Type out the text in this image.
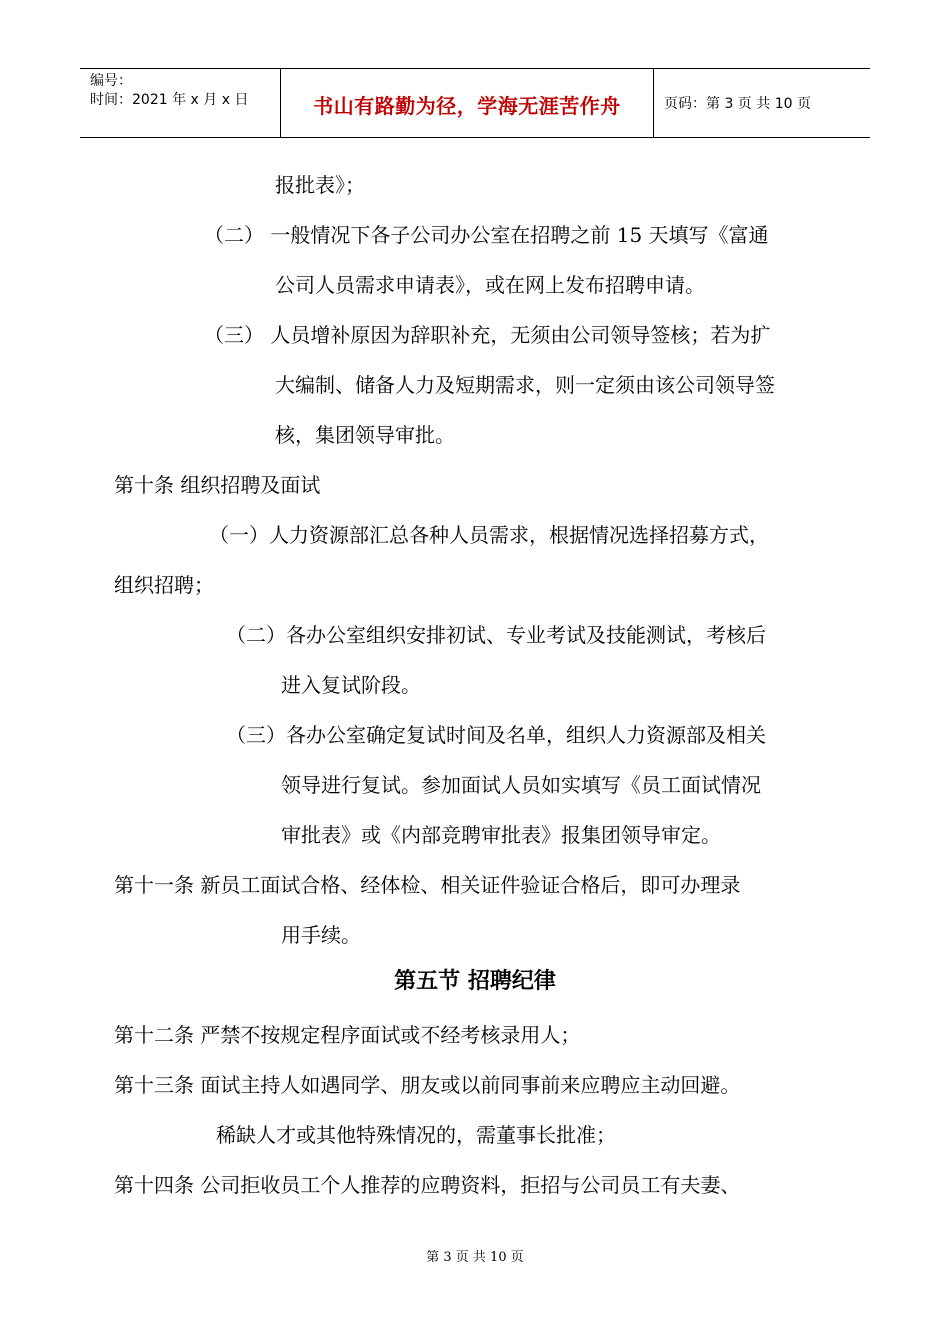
编号：
时间：2021 年 x 月 x 日	书山有路勤为径，学海无涯苦作舟	页码：第 3 页 共 10 页
报批表》；
（二） 一般情况下各子公司办公室在招聘之前 15 天填写《富通
公司人员需求申请表》，或在网上发布招聘申请。
（三） 人员增补原因为辞职补充，无须由公司领导签核；若为扩
大编制、储备人力及短期需求，则一定须由该公司领导签
核，集团领导审批。
第十条 组织招聘及面试
（一）人力资源部汇总各种人员需求，根据情况选择招募方式，
组织招聘；
（二）各办公室组织安排初试、专业考试及技能测试，考核后
进入复试阶段。
（三）各办公室确定复试时间及名单，组织人力资源部及相关
领导进行复试。参加面试人员如实填写《员工面试情况
审批表》或《内部竞聘审批表》报集团领导审定。
第十一条 新员工面试合格、经体检、相关证件验证合格后，即可办理录
用手续。
第五节 招聘纪律
第十二条 严禁不按规定程序面试或不经考核录用人；
第十三条 面试主持人如遇同学、朋友或以前同事前来应聘应主动回避。
稀缺人才或其他特殊情况的，需董事长批准；
第十四条 公司拒收员工个人推荐的应聘资料，拒招与公司员工有夫妻、
第 3 页 共 10 页
